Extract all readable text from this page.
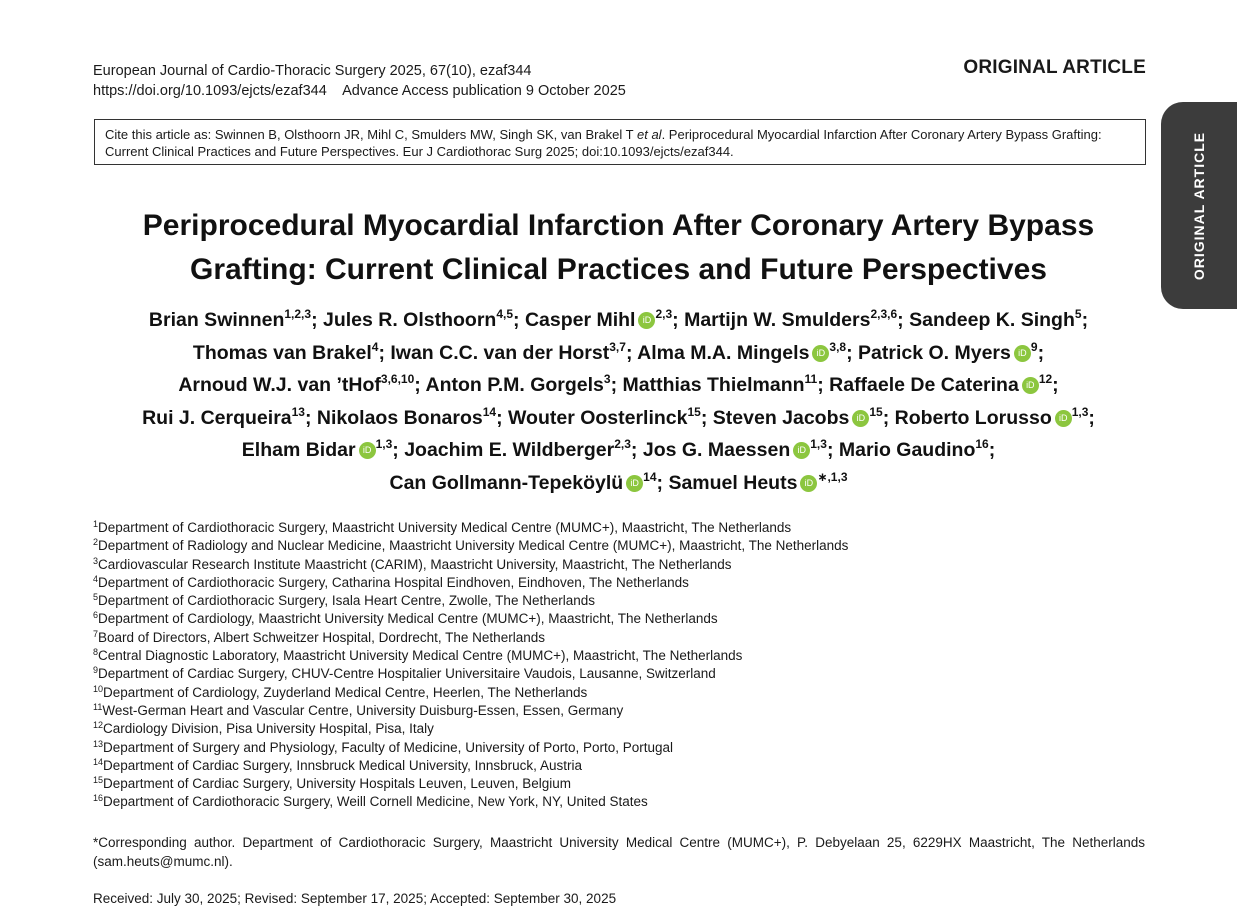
European Journal of Cardio-Thoracic Surgery 2025, 67(10), ezaf344
https://doi.org/10.1093/ejcts/ezaf344    Advance Access publication 9 October 2025
ORIGINAL ARTICLE
ORIGINAL ARTICLE
Cite this article as: Swinnen B, Olsthoorn JR, Mihl C, Smulders MW, Singh SK, van Brakel T et al. Periprocedural Myocardial Infarction After Coronary Artery Bypass Grafting: Current Clinical Practices and Future Perspectives. Eur J Cardiothorac Surg 2025; doi:10.1093/ejcts/ezaf344.
Periprocedural Myocardial Infarction After Coronary Artery Bypass
Grafting: Current Clinical Practices and Future Perspectives
Brian Swinnen$^{1,2,3}$; Jules R. Olsthoorn$^{4,5}$; Casper Mihl iD $^{2,3}$; Martijn W. Smulders$^{2,3,6}$; Sandeep K. Singh$^5$;
Thomas van Brakel$^4$; Iwan C.C. van der Horst$^{3,7}$; Alma M.A. Mingels iD $^{3,8}$; Patrick O. Myers iD $^9$;
Arnoud W.J. van ’tHof$^{3,6,10}$; Anton P.M. Gorgels$^3$; Matthias Thielmann$^{11}$; Raffaele De Caterina iD $^{12}$;
Rui J. Cerqueira$^{13}$; Nikolaos Bonaros$^{14}$; Wouter Oosterlinck$^{15}$; Steven Jacobs iD $^{15}$; Roberto Lorusso iD $^{1,3}$;
Elham Bidar iD $^{1,3}$; Joachim E. Wildberger$^{2,3}$; Jos G. Maessen iD $^{1,3}$; Mario Gaudino$^{16}$;
Can Gollmann-Tepeköylü iD $^{14}$; Samuel Heuts iD $^{∗,1,3}$
$^1$Department of Cardiothoracic Surgery, Maastricht University Medical Centre (MUMC+), Maastricht, The Netherlands
$^2$Department of Radiology and Nuclear Medicine, Maastricht University Medical Centre (MUMC+), Maastricht, The Netherlands
$^3$Cardiovascular Research Institute Maastricht (CARIM), Maastricht University, Maastricht, The Netherlands
$^4$Department of Cardiothoracic Surgery, Catharina Hospital Eindhoven, Eindhoven, The Netherlands
$^5$Department of Cardiothoracic Surgery, Isala Heart Centre, Zwolle, The Netherlands
$^6$Department of Cardiology, Maastricht University Medical Centre (MUMC+), Maastricht, The Netherlands
$^7$Board of Directors, Albert Schweitzer Hospital, Dordrecht, The Netherlands
$^8$Central Diagnostic Laboratory, Maastricht University Medical Centre (MUMC+), Maastricht, The Netherlands
$^9$Department of Cardiac Surgery, CHUV-Centre Hospitalier Universitaire Vaudois, Lausanne, Switzerland
$^{10}$Department of Cardiology, Zuyderland Medical Centre, Heerlen, The Netherlands
$^{11}$West-German Heart and Vascular Centre, University Duisburg-Essen, Essen, Germany
$^{12}$Cardiology Division, Pisa University Hospital, Pisa, Italy
$^{13}$Department of Surgery and Physiology, Faculty of Medicine, University of Porto, Porto, Portugal
$^{14}$Department of Cardiac Surgery, Innsbruck Medical University, Innsbruck, Austria
$^{15}$Department of Cardiac Surgery, University Hospitals Leuven, Leuven, Belgium
$^{16}$Department of Cardiothoracic Surgery, Weill Cornell Medicine, New York, NY, United States
*Corresponding author. Department of Cardiothoracic Surgery, Maastricht University Medical Centre (MUMC+), P. Debyelaan 25, 6229HX Maastricht, The Netherlands (sam.heuts@mumc.nl).
Received: July 30, 2025; Revised: September 17, 2025; Accepted: September 30, 2025
